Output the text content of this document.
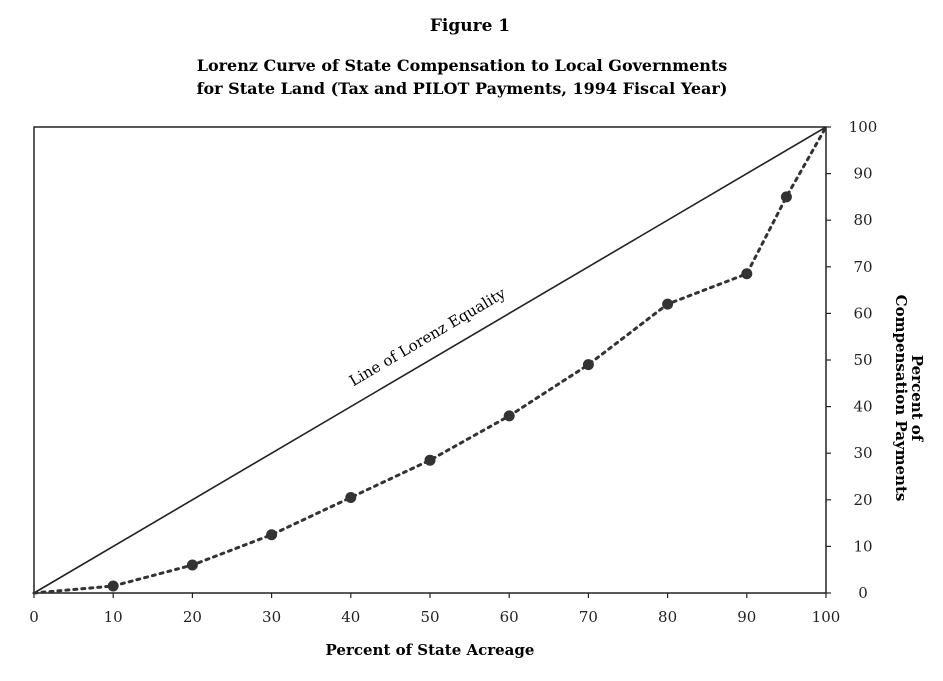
Figure 1
Lorenz Curve of State Compensation to Local Governments
for State Land (Tax and PILOT Payments, 1994 Fiscal Year)
0	10	20	30	40	50	60	70	80	90	100
0
10
20
30
40
50
60
70
80
90
100
Line of Lorenz Equality
Percent of State Acreage
Percent of
Compensation Payments
